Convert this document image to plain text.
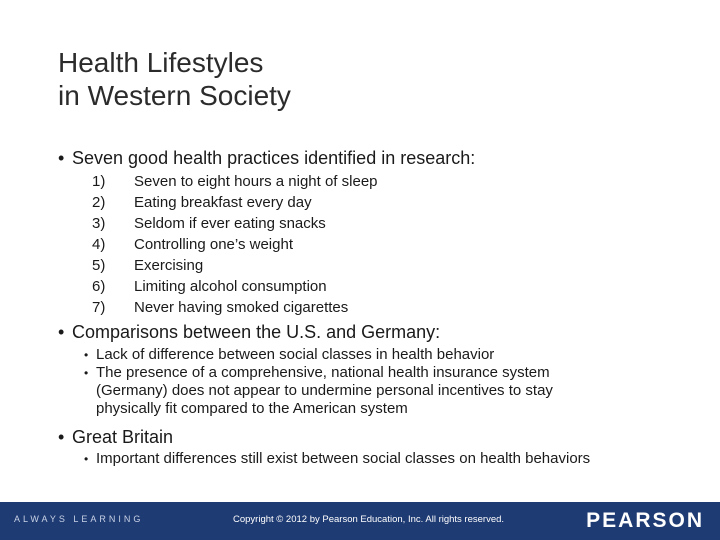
Health Lifestyles
in Western Society
• Seven good health practices identified in research:
1) Seven to eight hours a night of sleep
2) Eating breakfast every day
3) Seldom if ever eating snacks
4) Controlling one’s weight
5) Exercising
6) Limiting alcohol consumption
7) Never having smoked cigarettes
• Comparisons between the U.S. and Germany:
• Lack of difference between social classes in health behavior
• The presence of a comprehensive, national health insurance system (Germany) does not appear to undermine personal incentives to stay physically fit compared to the American system
• Great Britain
• Important differences still exist between social classes on health behaviors
ALWAYS LEARNING	Copyright © 2012 by Pearson Education, Inc. All rights reserved.	PEARSON
